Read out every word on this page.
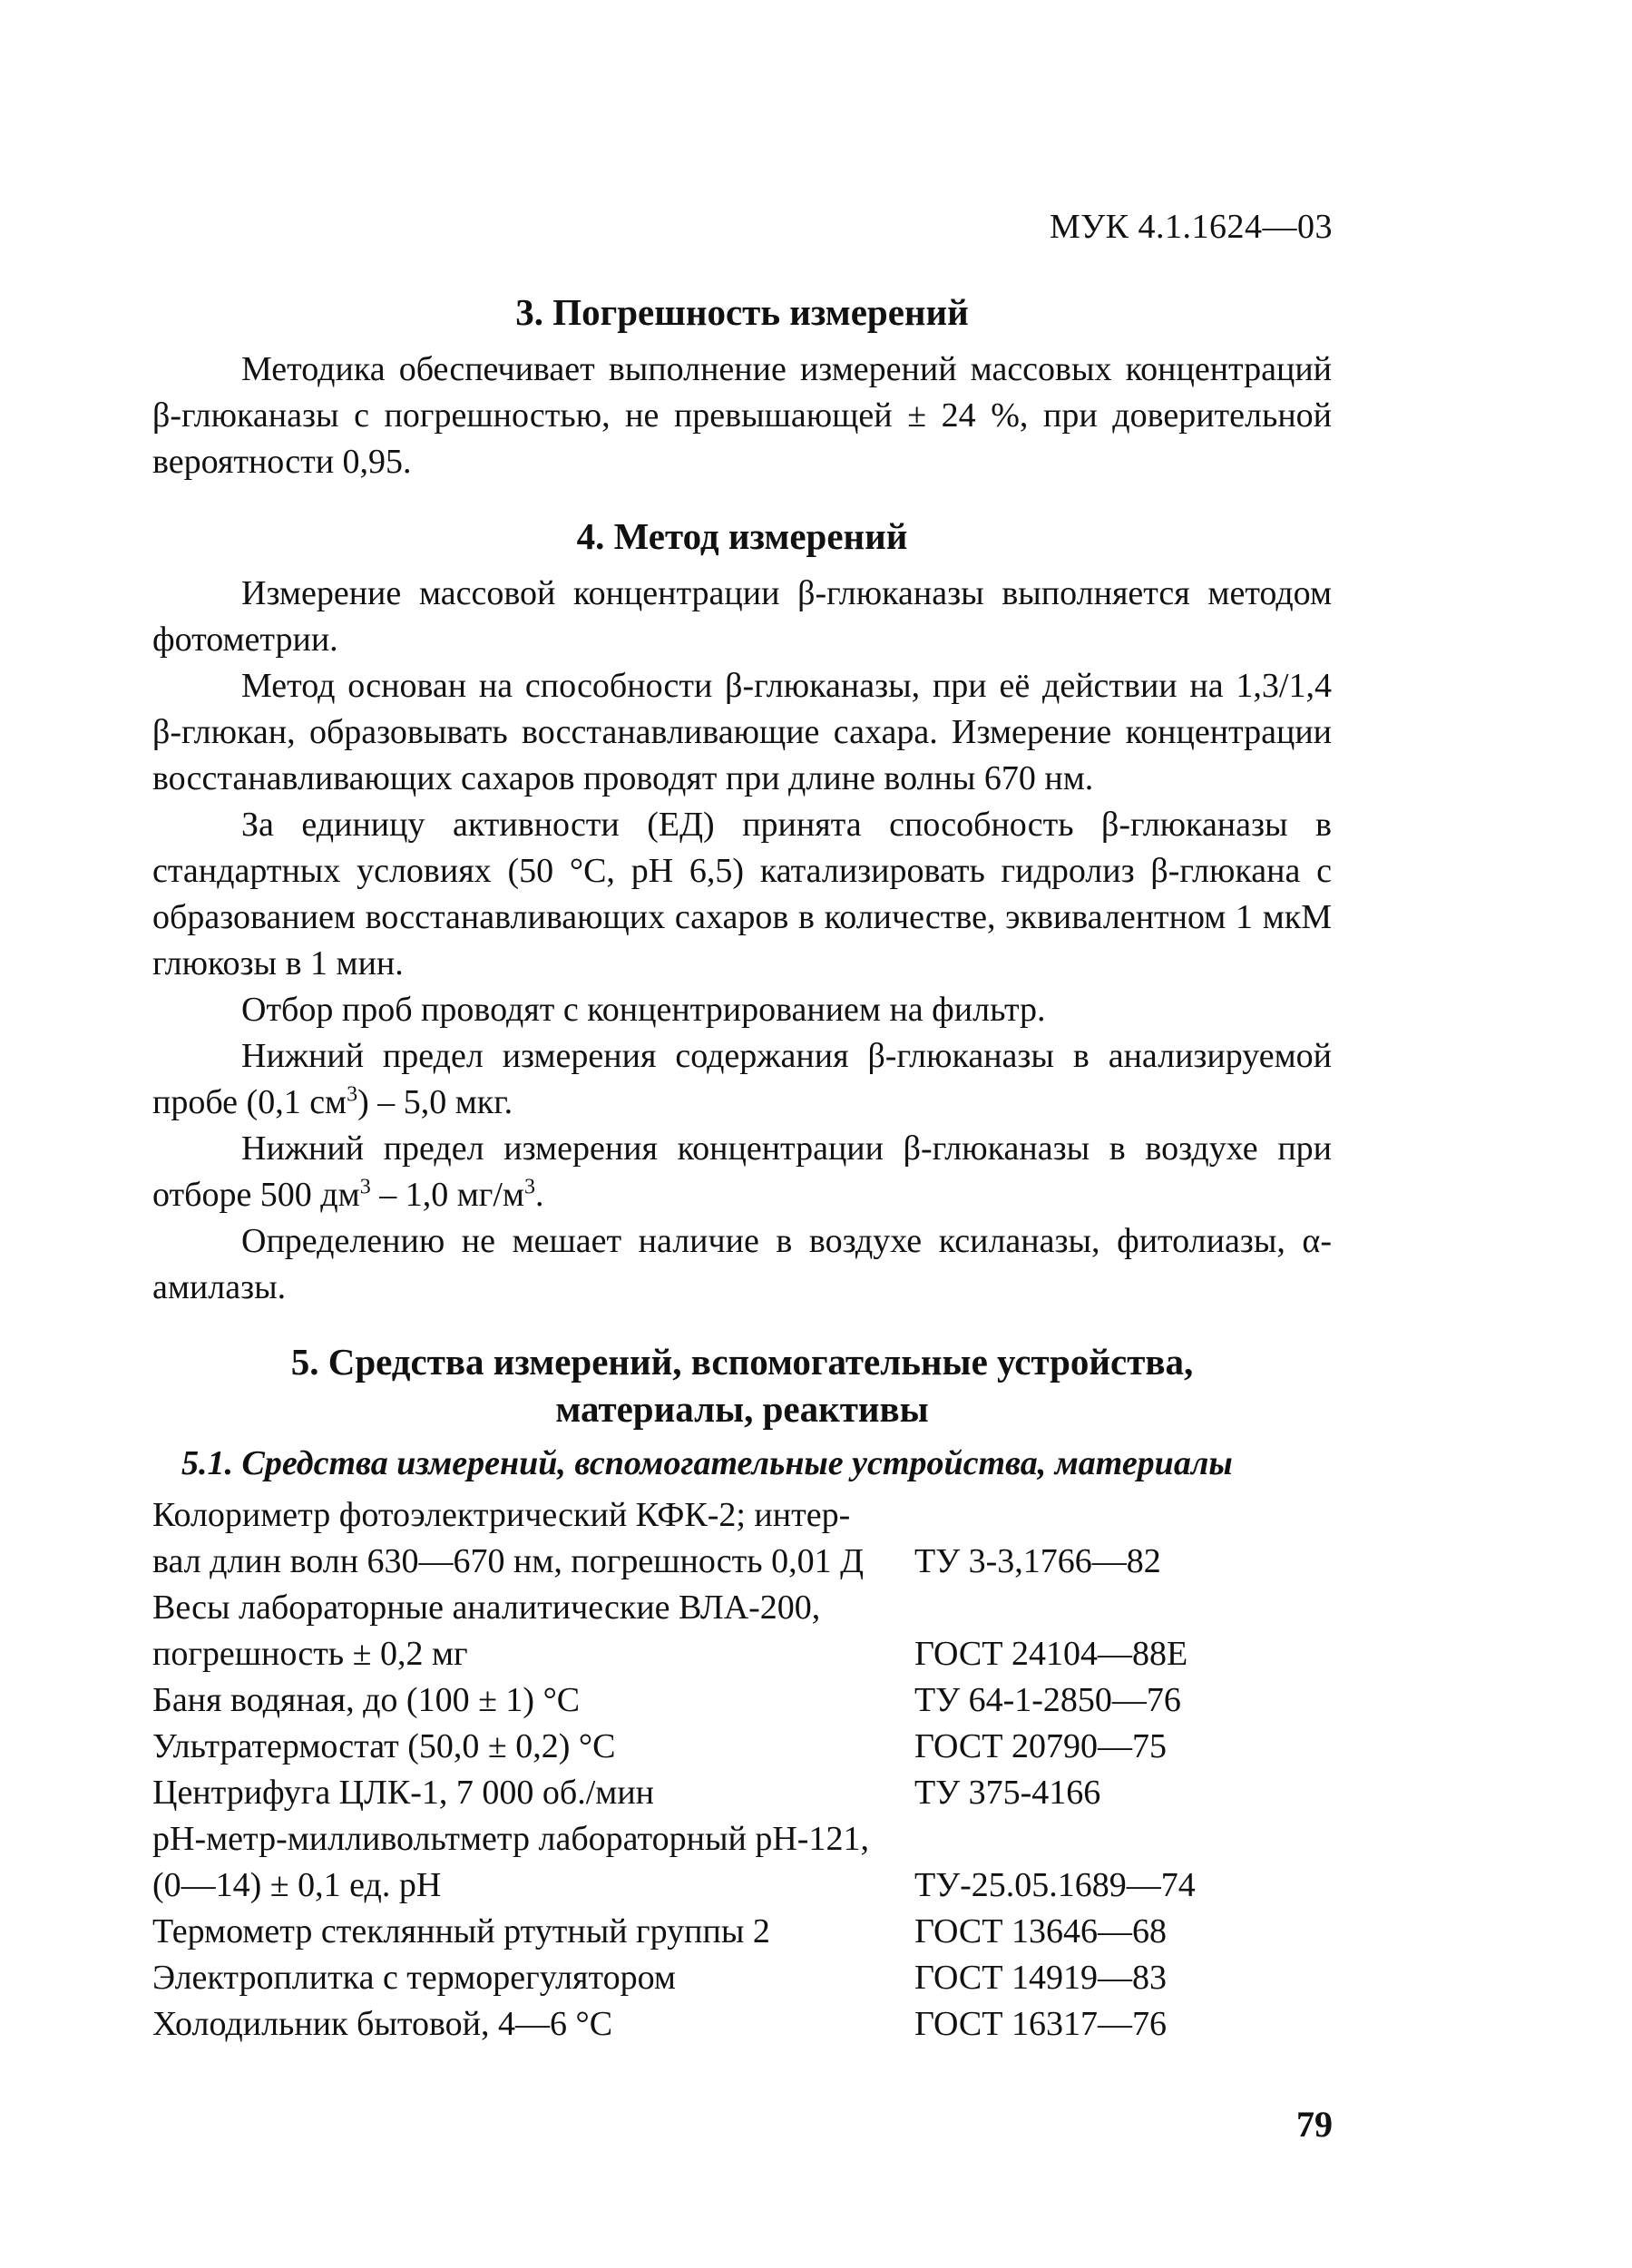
МУК 4.1.1624—03
3. Погрешность измерений

Методика обеспечивает выполнение измерений массовых концентраций β-глюканазы с погрешностью, не превышающей ± 24 %, при доверительной вероятности 0,95.

4. Метод измерений

Измерение массовой концентрации β-глюканазы выполняется методом фотометрии.

Метод основан на способности β-глюканазы, при её действии на 1,3/1,4 β-глюкан, образовывать восстанавливающие сахара. Измерение концентрации восстанавливающих сахаров проводят при длине волны 670 нм.

За единицу активности (ЕД) принята способность β-глюканазы в стандартных условиях (50 °С, рН 6,5) катализировать гидролиз β-глюкана с образованием восстанавливающих сахаров в количестве, эквивалентном 1 мкМ глюкозы в 1 мин.

Отбор проб проводят с концентрированием на фильтр.

Нижний предел измерения содержания β-глюканазы в анализируемой пробе (0,1 $см^3) - 5,0$ мкг.

Нижний предел измерения концентрации β-глюканазы в воздухе при отборе 500 $дм^3 - 1,0$ $мг/м^3$.

Определению не мешает наличие в воздухе ксиланазы, фитолиазы, α-амилазы.

5. Средства измерений, вспомогательные устройства,
материалы, реактивы
5.1. Средства измерений, вспомогательные устройства, материалы
Колориметр фотоэлектрический КФК-2; интер-	
вал длин волн 630—670 нм, погрешность 0,01 Д	ТУ 3-3,1766—82
Весы лабораторные аналитические ВЛА-200,	
погрешность ± 0,2 мг	ГОСТ 24104—88Е
Баня водяная, до (100 ± 1) °С	ТУ 64-1-2850—76
Ультратермостат (50,0 ± 0,2) °С	ГОСТ 20790—75
Центрифуга ЦЛК-1, 7 000 об./мин	ТУ 375-4166
рН-метр-милливольтметр лабораторный рН-121,	
(0—14) ± 0,1 ед. рН	ТУ-25.05.1689—74
Термометр стеклянный ртутный группы 2	ГОСТ 13646—68
Электроплитка с терморегулятором	ГОСТ 14919—83
Холодильник бытовой, 4—6 °С	ГОСТ 16317—76
79
